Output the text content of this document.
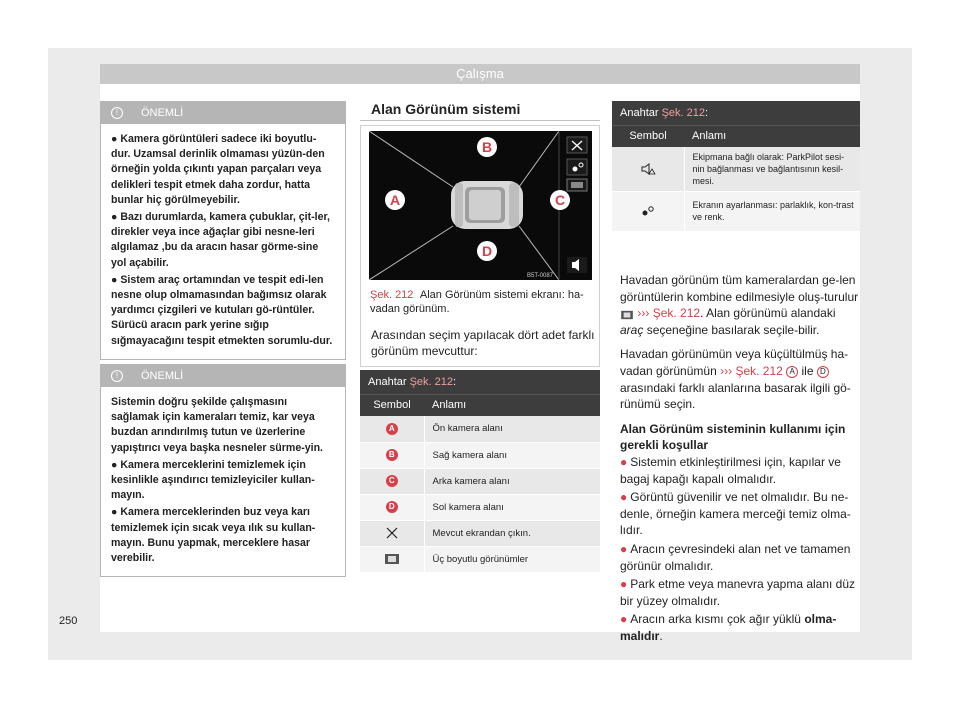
Çalışma
!	ÖNEMLİ

● Kamera görüntüleri sadece iki boyutlu-dur. Uzamsal derinlik olmaması yüzün-den örneğin yolda çıkıntı yapan parçaları veya delikleri tespit etmek daha zordur, hatta bunlar hiç görülmeyebilir.

● Bazı durumlarda, kamera çubuklar, çit-ler, direkler veya ince ağaçlar gibi nesne-leri algılamaz ,bu da aracın hasar görme-sine yol açabilir.

● Sistem araç ortamından ve tespit edi-len nesne olup olmamasından bağımsız olarak yardımcı çizgileri ve kutuları gö-rüntüler. Sürücü aracın park yerine sığıp sığmayacağını tespit etmekten sorumlu-dur.

!	ÖNEMLİ

Sistemin doğru şekilde çalışmasını sağlamak için kameraları temiz, kar veya buzdan arındırılmış tutun ve üzerlerine yapıştırıcı veya başka nesneler sürme-yin.

● Kamera merceklerini temizlemek için kesinlikle aşındırıcı temizleyiciler kullan-mayın.

● Kamera merceklerinden buz veya karı temizlemek için sıcak veya ılık su kullan-mayın. Bunu yapmak, merceklere hasar verebilir.

Alan Görünüm sistemi
B
A	C
D
B5T-0087
Şek. 212 Alan Görünüm sistemi ekranı: ha-vadan görünüm.
Arasından seçim yapılacak dört adet farklı görünüm mevcuttur:
Anahtar Şek. 212:	
Sembol	Anlamı
A	Ön kamera alanı
B	Sağ kamera alanı
C	Arka kamera alanı
D	Sol kamera alanı
	Mevcut ekrandan çıkın.
	Üç boyutlu görünümler
Anahtar Şek. 212:	
Sembol	Anlamı
	Ekipmana bağlı olarak: ParkPilot sesi-nin bağlanması ve bağlantısının kesil-mesi.
	Ekranın ayarlanması: parlaklık, kon-trast ve renk.

Havadan görünüm tüm kameralardan ge-len görüntülerin kombine edilmesiyle oluş-turulur  ››› Şek. 212. Alan görünümü alandaki araç seçeneğine basılarak seçile-bilir.

Havadan görünümün veya küçültülmüş ha-vadan görünümün ››› Şek. 212 A ile D arasındaki farklı alanlarına basarak ilgili gö-rünümü seçin.

Alan Görünüm sisteminin kullanımı için gerekli koşullar

● Sistemin etkinleştirilmesi için, kapılar ve bagaj kapağı kapalı olmalıdır.

● Görüntü güvenilir ve net olmalıdır. Bu ne-denle, örneğin kamera merceği temiz olma-lıdır.

● Aracın çevresindeki alan net ve tamamen görünür olmalıdır.

● Park etme veya manevra yapma alanı düz bir yüzey olmalıdır.

● Aracın arka kısmı çok ağır yüklü olma-malıdır.

250
